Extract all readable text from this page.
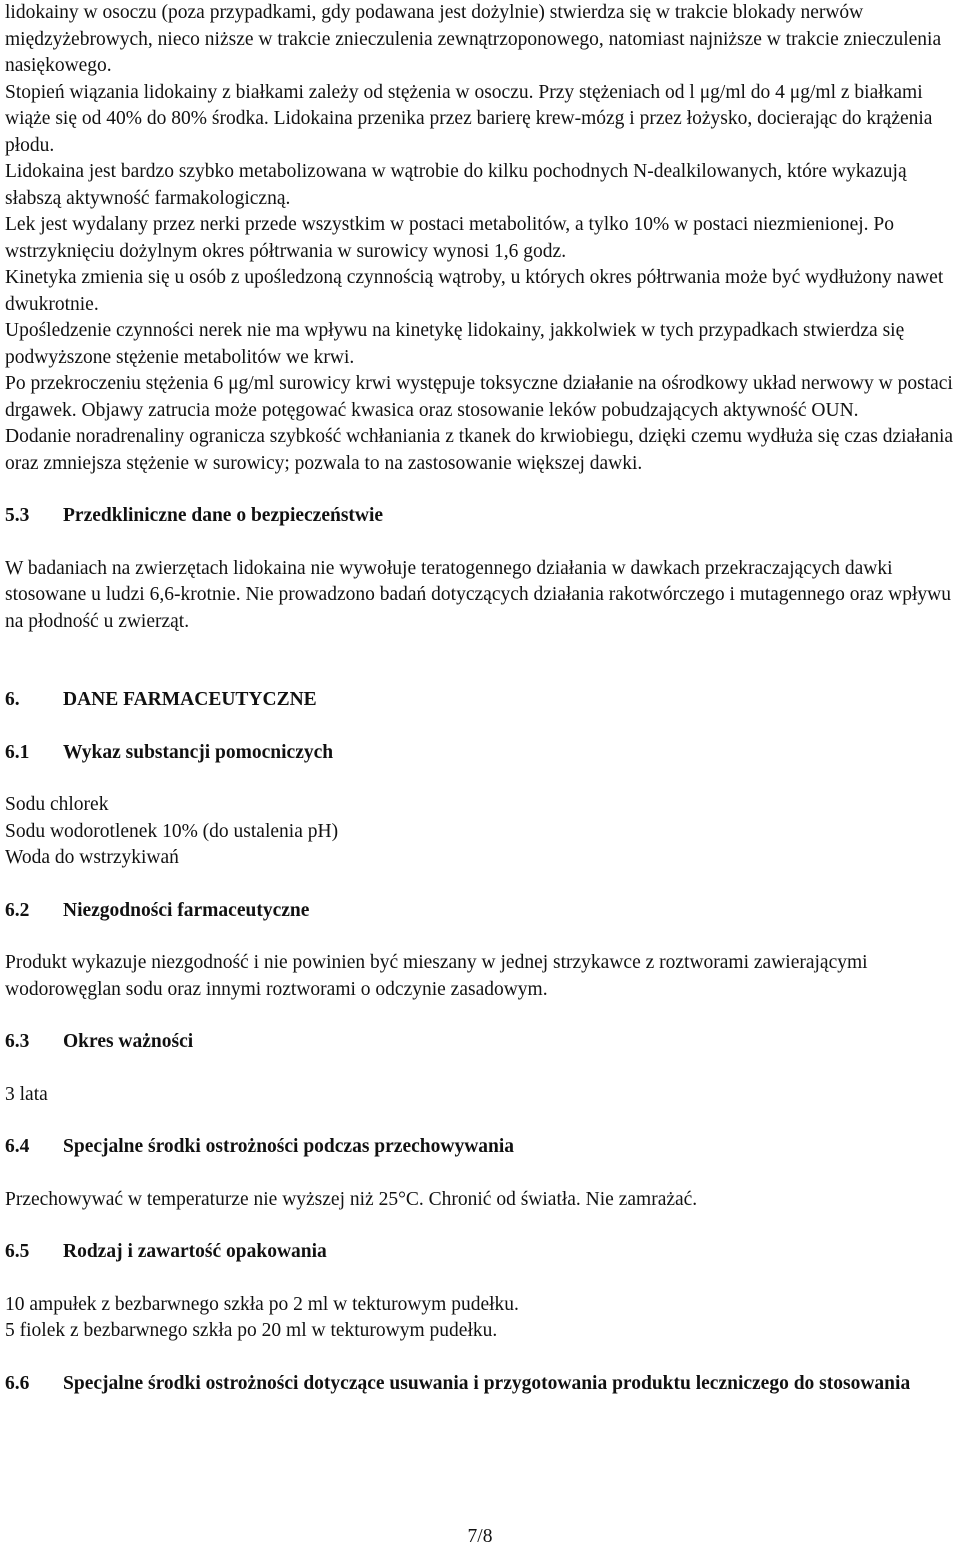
lidokainy w osoczu (poza przypadkami, gdy podawana jest dożylnie) stwierdza się w trakcie blokady nerwów międzyżebrowych, nieco niższe w trakcie znieczulenia zewnątrzoponowego, natomiast najniższe w trakcie znieczulenia nasiękowego.

Stopień wiązania lidokainy z białkami zależy od stężenia w osoczu. Przy stężeniach od l μg/ml do 4 μg/ml z białkami wiąże się od 40% do 80% środka. Lidokaina przenika przez barierę krew-mózg i przez łożysko, docierając do krążenia płodu.

Lidokaina jest bardzo szybko metabolizowana w wątrobie do kilku pochodnych N-dealkilowanych, które wykazują słabszą aktywność farmakologiczną.

Lek jest wydalany przez nerki przede wszystkim w postaci metabolitów, a tylko 10% w postaci niezmienionej. Po wstrzyknięciu dożylnym okres półtrwania w surowicy wynosi 1,6 godz.

Kinetyka zmienia się u osób z upośledzoną czynnością wątroby, u których okres półtrwania może być wydłużony nawet dwukrotnie.

Upośledzenie czynności nerek nie ma wpływu na kinetykę lidokainy, jakkolwiek w tych przypadkach stwierdza się podwyższone stężenie metabolitów we krwi.

Po przekroczeniu stężenia 6 μg/ml surowicy krwi występuje toksyczne działanie na ośrodkowy układ nerwowy w postaci drgawek. Objawy zatrucia może potęgować kwasica oraz stosowanie leków pobudzających aktywność OUN.

Dodanie noradrenaliny ogranicza szybkość wchłaniania z tkanek do krwiobiegu, dzięki czemu wydłuża się czas działania oraz zmniejsza stężenie w surowicy; pozwala to na zastosowanie większej dawki.

5.3	Przedkliniczne dane o bezpieczeństwie

W badaniach na zwierzętach lidokaina nie wywołuje teratogennego działania w dawkach przekraczających dawki stosowane u ludzi 6,6-krotnie. Nie prowadzono badań dotyczących działania rakotwórczego i mutagennego oraz wpływu na płodność u zwierząt.

6.	DANE FARMACEUTYCZNE
6.1	Wykaz substancji pomocniczych

Sodu chlorek

Sodu wodorotlenek 10% (do ustalenia pH)

Woda do wstrzykiwań

6.2	Niezgodności farmaceutyczne

Produkt wykazuje niezgodność i nie powinien być mieszany w jednej strzykawce z roztworami zawierającymi wodorowęglan sodu oraz innymi roztworami o odczynie zasadowym.

6.3	Okres ważności

3 lata

6.4	Specjalne środki ostrożności podczas przechowywania

Przechowywać w temperaturze nie wyższej niż 25°C. Chronić od światła. Nie zamrażać.

6.5	Rodzaj i zawartość opakowania

10 ampułek z bezbarwnego szkła po 2 ml w tekturowym pudełku.

5 fiolek z bezbarwnego szkła po 20 ml w tekturowym pudełku.

6.6	Specjalne środki ostrożności dotyczące usuwania i przygotowania produktu leczniczego do stosowania
7/8
